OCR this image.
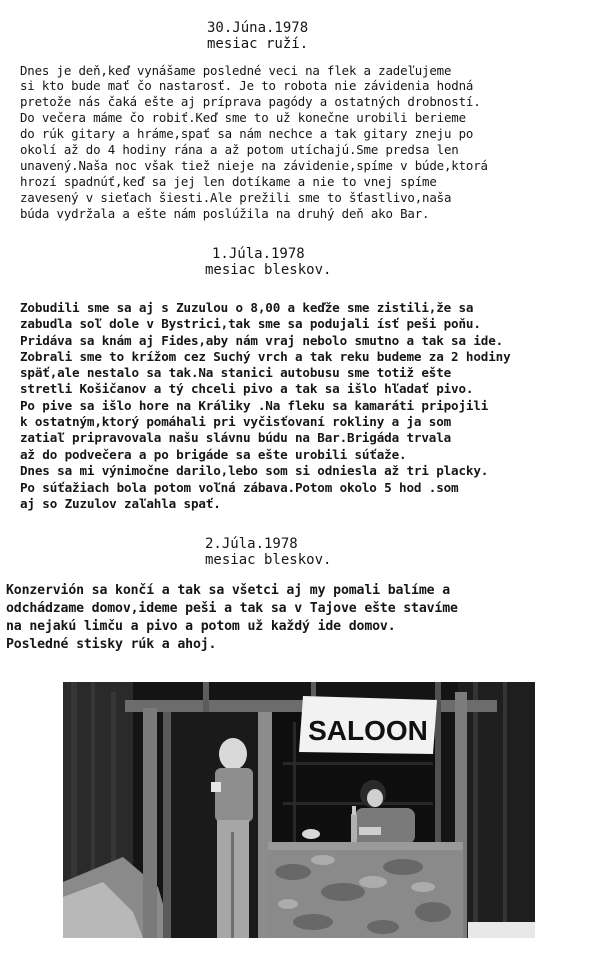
30.Júna.1978
mesiac ruží.
Dnes je deň,keď vynášame posledné veci na flek a zadeľujeme
si kto bude mať čo nastarosť. Je to robota nie závidenia hodná
pretože nás čaká ešte aj príprava pagódy a ostatných drobností.
Do večera máme čo robiť.Keď sme to už konečne urobili berieme
do rúk gitary a hráme,spať sa nám nechce a tak gitary zneju po
okolí až do 4 hodiny rána a až potom utíchajú.Sme predsa len
unavený.Naša noc však tiež nieje na závidenie,spíme v búde,ktorá
hrozí spadnúť,keď sa jej len dotíkame a nie to vnej spíme
zavesený v sieťach šiesti.Ale prežili sme to šťastlivo,naša
búda vydržala a ešte nám poslúžila na druhý deň ako Bar.
1.Júla.1978
mesiac bleskov.
Zobudili sme sa aj s Zuzulou o 8,00 a keďže sme zistili,že sa
zabudla soľ dole v Bystrici,tak sme sa podujali ísť peši poňu.
Pridáva sa knám aj Fides,aby nám vraj nebolo smutno a tak sa ide.
Zobrali sme to krížom cez Suchý vrch a tak reku budeme za 2 hodiny
späť,ale nestalo sa tak.Na stanici autobusu sme totiž ešte
stretli Košičanov a tý chceli pivo a tak sa išlo hľadať pivo.
Po pive sa išlo hore na Králiky .Na fleku sa kamaráti pripojili
k ostatným,ktorý pomáhali pri vyčisťovaní rokliny a ja som
zatiaľ pripravovala našu slávnu búdu na Bar.Brigáda trvala
až do podvečera a po brigáde sa ešte urobili súťaže.
Dnes sa mi výnimočne darilo,lebo som si odniesla až tri placky.
Po súťažiach bola potom voľná zábava.Potom okolo 5 hod .som
aj so Zuzulov zaľahla spať.
2.Júla.1978
mesiac bleskov.
Konzervión sa končí a tak sa všetci aj my pomali balíme a
odchádzame domov,ideme peši a tak sa v Tajove ešte stavíme
na nejakú limču a pivo a potom už každý ide domov.
Posledné stisky rúk a ahoj.
SALOON
